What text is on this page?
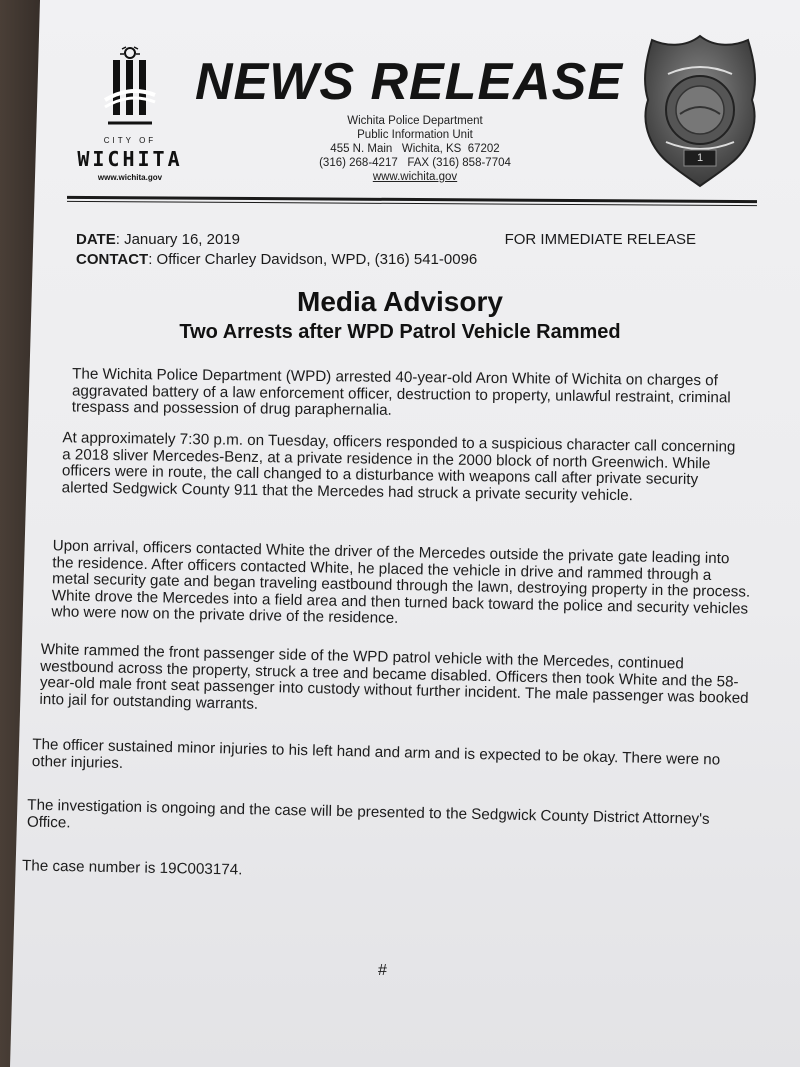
CITY OF
WICHITA
www.wichita.gov
NEWS RELEASE
Wichita Police Department
Public Information Unit
455 N. Main   Wichita, KS  67202
(316) 268-4217   FAX (316) 858-7704
www.wichita.gov
1
DATE: January 16, 2019
CONTACT: Officer Charley Davidson, WPD, (316) 541-0096
FOR IMMEDIATE RELEASE
Media Advisory
Two Arrests after WPD Patrol Vehicle Rammed

The Wichita Police Department (WPD) arrested 40-year-old Aron White of Wichita on charges of aggravated battery of a law enforcement officer, destruction to property, unlawful restraint, criminal trespass and possession of drug paraphernalia.

At approximately 7:30 p.m. on Tuesday, officers responded to a suspicious character call concerning a 2018 sliver Mercedes-Benz, at a private residence in the 2000 block of north Greenwich. While officers were in route, the call changed to a disturbance with weapons call after private security alerted Sedgwick County 911 that the Mercedes had struck a private security vehicle.

Upon arrival, officers contacted White the driver of the Mercedes outside the private gate leading into the residence. After officers contacted White, he placed the vehicle in drive and rammed through a metal security gate and began traveling eastbound through the lawn, destroying property in the process. White drove the Mercedes into a field area and then turned back toward the police and security vehicles who were now on the private drive of the residence.

White rammed the front passenger side of the WPD patrol vehicle with the Mercedes, continued westbound across the property, struck a tree and became disabled. Officers then took White and the 58-year-old male front seat passenger into custody without further incident. The male passenger was booked into jail for outstanding warrants.

The officer sustained minor injuries to his left hand and arm and is expected to be okay. There were no other injuries.

The investigation is ongoing and the case will be presented to the Sedgwick County District Attorney's Office.

The case number is 19C003174.

#
